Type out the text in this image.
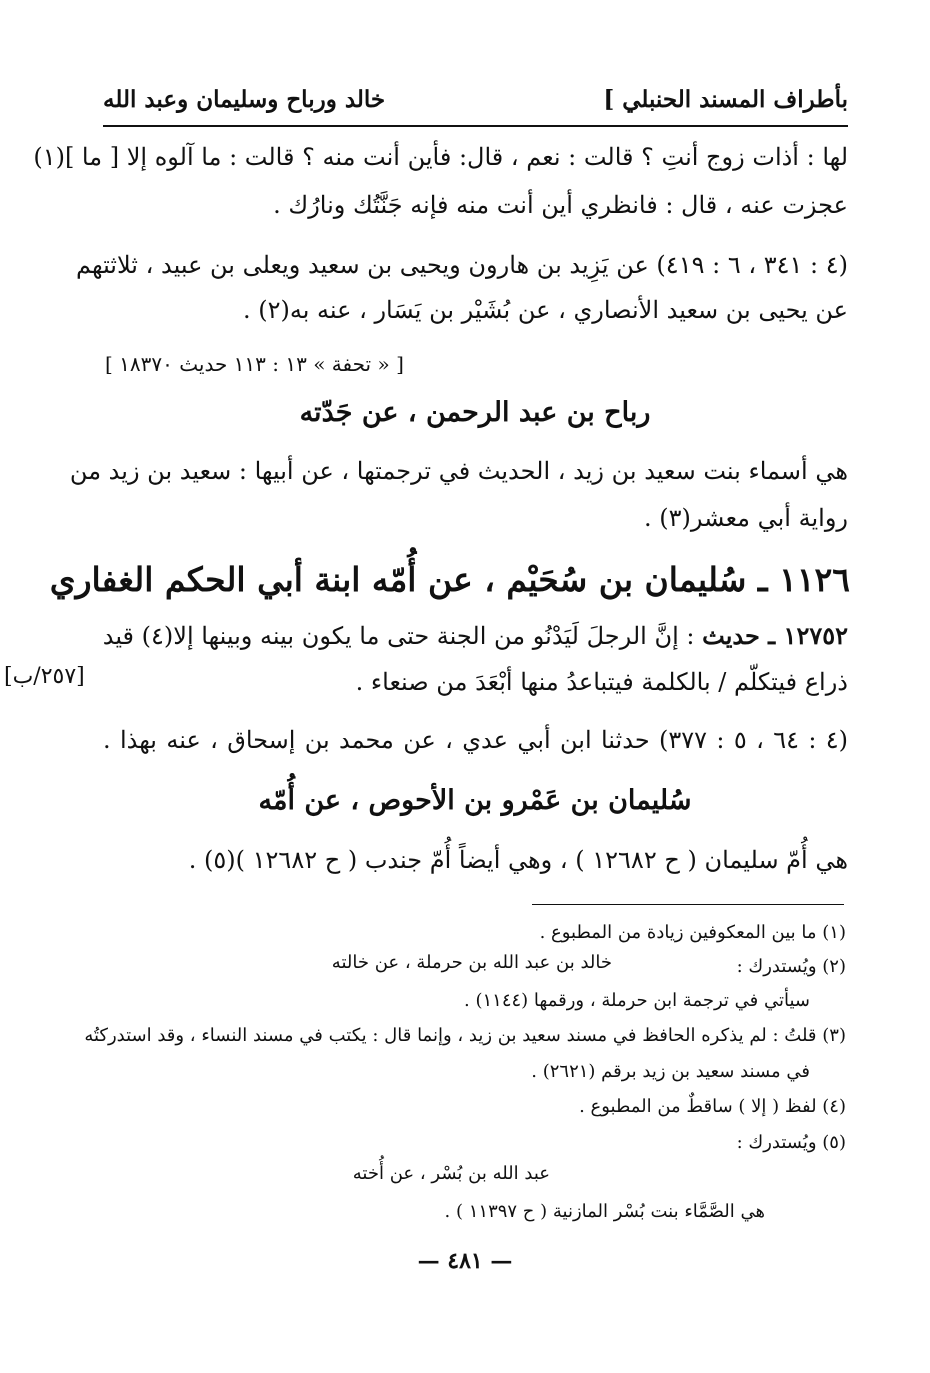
بأطراف المسند الحنبلي ]
خالد ورباح وسليمان وعبد الله
لها : أذات زوج أنتِ ؟ قالت : نعم ، قال: فأين أنت منه ؟ قالت : ما آلوه إلا [ ما ](١)
عجزت عنه ، قال : فانظري أين أنت منه فإنه جَنَّتُك ونارُك .
(٤ : ٣٤١ ، ٦ : ٤١٩) عن يَزِيد بن هارون ويحيى بن سعيد ويعلى بن عبيد ، ثلاثتهم
عن يحيى بن سعيد الأنصاري ، عن بُشَيْر بن يَسَار ، عنه به(٢) .
[ « تحفة » ١٣ : ١١٣ حديث ١٨٣٧٠ ]
رباح بن عبد الرحمن ، عن جَدّته
هي أسماء بنت سعيد بن زيد ، الحديث في ترجمتها ، عن أبيها : سعيد بن زيد من
رواية أبي معشر(٣) .
١١٢٦ ـ سُليمان بن سُحَيْم ، عن أُمّه ابنة أبي الحكم الغفاري
١٢٧٥٢ ـ حديث : إنَّ الرجلَ لَيَدْنُو من الجنة حتى ما يكون بينه وبينها إلا(٤) قيد
ذراع فيتكلّم / بالكلمة فيتباعدُ منها أبْعَدَ من صنعاء .
[٢٥٧/ب]
(٤ : ٦٤ ، ٥ : ٣٧٧) حدثنا ابن أبي عدي ، عن محمد بن إسحاق ، عنه بهذا .
سُليمان بن عَمْرو بن الأحوص ، عن أُمّه
هي أُمّ سليمان ( ح ١٢٦٨٢ ) ، وهي أيضاً أُمّ جندب ( ح ١٢٦٨٢ )(٥) .
(١) ما بين المعكوفين زيادة من المطبوع .
(٢) ويُستدرك :
خالد بن عبد الله بن حرملة ، عن خالته
سيأتي في ترجمة ابن حرملة ، ورقمها (١١٤٤) .
(٣) قلتُ : لم يذكره الحافظ في مسند سعيد بن زيد ، وإنما قال : يكتب في مسند النساء ، وقد استدركتُه
في مسند سعيد بن زيد برقم (٢٦٢١) .
(٤) لفظ ( إلا ) ساقطٌ من المطبوع .
(٥) ويُستدرك :
عبد الله بن بُسْر ، عن أُخته
هي الصَّمَّاء بنت بُسْر المازنية ( ح ١١٣٩٧ ) .
— ٤٨١ —
